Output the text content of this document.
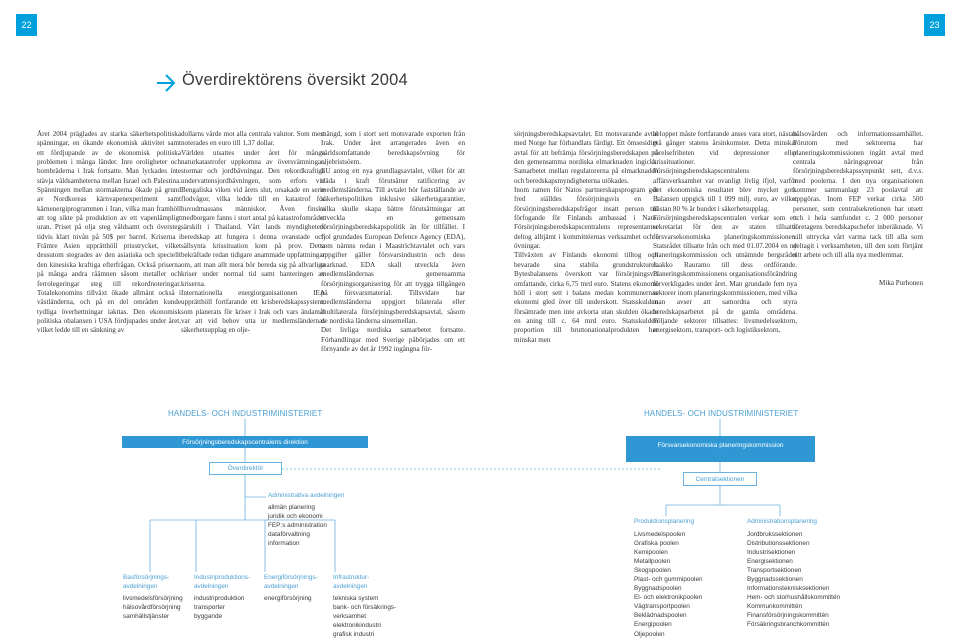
22	23
Överdirektörens översikt 2004

Året 2004 präglades av starka säkerhetspolitiska spänningar, en ökande ekonomisk aktivitet samt ett fördjupande av de ekonomisk politiska problemen i många länder. Inre oroligheter och bombräderna i Irak fortsatte. Man lyckades inte stävja våldsamheterna mellan Israel och Palestina. Spänningen mellan stormakterna ökade på grund av Nordkoreas kärnvapenexperiment samt kärnenergiprogrammen i Iran, vilka man framhöll att tog sikte på produktion av ett vapenlämpligt uran. Priset på olja steg våldsamt och översteg tidvis klart nivån på 50$ per barrel. Kriserna i Främre Asien upprätthöll prisstrycket, vilket dessutom stegrades av den asiatiska och speciellt den kinesiska kraftiga efterfrågan. Också priserna på många andra råämnen såsom metaller och ferrolegeringar steg till rekordnoteringar. Totalekonomins tillväxt ökade allmänt också i västländerna, och på en del områden kunde tydliga överhettningar iakttas. Den ekonomisk politiska obalansen i USA fördjupades under året, vilket ledde till en sänkning av

dollarns värde mot alla centrala valutor. Som mest noterades en euro till 1,37 dollar.

Världen utsattes under året för många naturkatastrofer uppkomna av översvämningar, stormar och jordbävningar. Den rekordkraftiga undervattensjordbävningen, som erfors vid Bengaliska viken vid årets slut, orsakade en serie flodvågor, vilka ledde till en katastrof för huvudmassans människor. Även finska medborgare fanns i stort antal på katastrofområdet särskilt i Thailand. Vårt lands myndigheters beredskap att fungera i denna ovanstade och sällsynta krissituation kom på prov. Detta bekräftade redan tidigare anammade uppfattningar om, att man allt mera bör bereda sig på allvarliga kriser under normal tid samt hanteringen av kriserna.

Internationella energiorganisationen IEA upprätthöll fortfarande ett krisberedskapssystem, som planerats för kriser i Irak och vars ändamål var att vid behov utta ur medlemsländernas säkerhetsupplag en olje-

mängd, som i stort sett motsvarade exporten från Irak. Under året arrangerades även en världsomfattande beredskapsövning för oljebristsöem.

EU antog ett nya grundlagsavtalet, vilket för att träda i kraft förutsätter ratificering av medlemsländerna. Till avtalet hör fastställande av säkerhetspolitiken inklusive säkerhetsgarantier, vilka skulle skapa bättre förutsättningar att utveckla en gemensam försörjningsberedskapspolitik än för tillfället. I fjol grundades European Defence Agency (EDA), som nämns redan i Maastrichtavtalet och vars uppgifter gäller försvarsindustrin och dess marknad. EDA skall utveckla även medlemsländernas gemensamma försörjningsorganisering för att trygga tillgången på försvarsmaterial. Tillsvidare har medlemsländerna uppgjort bilaterala eller multilaterala försörjningsberedskapsavtal, såsom de nordiska länderna sinsemellan.

Det livliga nordiska samarbetet fortsatte. Förhandlingar med Sverige påbörjades om ett förnyande av det år 1992 ingångna för-

sörjningsberedskapsavtalet. Ett motsvarande avtal med Norge har förhandlats färdigt. Ett ömsesidigt avtal för att befrämja försörjningsberedskapen på den gemensamma nordiska elmarknaden ingicks. Samarbetet mellan regulatorerna på elmarknaden och beredskapsmyndigheterna utökades.

Inom ramen för Natos partnerskapsprogram gör fred ställdes försörjningsvis en i försörjningsberedskapsfrågor insatt person till förfogande för Finlands ambassad i Nato. Försörjningsberedskapscentralens representanter deltog alltjämt i kommittéernas verksamhet och i övningar.

Tillväxten av Finlands ekonomi tilltog och bevarade sina stabila grundstrukturer. Bytesbalansens överskott var försörjningsvis omfattande, cirka 6,75 mrd euro. Statens ekonomi höll i stort sett i balans medan kommunernas ekonomi gled över till underskott. Statsskulden försämrade men inte avkorta utan skulden ökade en aning till c. 64 mrd euro. Statsskulden proportion till bruttonationalprodukten har minskat men

beloppet måste fortfarande anses vara stort, nästan två gånger statens årsinkomster. Detta minskar rörelsefriheten vid depressioner eller krissituationer.

Försörjningsberedskapscentralens affärsverksamhet var ovanligt livlig ifjol, varför det ekonomiska resultatet blev mycket gott. Balansen uppgick till 1 099 milj. euro, av vilket nästan 80 % är bundet i säkerhetsupplag.

Försörjningsberedskapscentralen verkar som ett sekretariat för den av staten tillsatta försvarsekonomiska planeringskommissionen. Statsrådet tillsatte från och med 01.07.2004 en ny planeringskommission och utnämnde bergsrådet Jaakko Rauramo till dess ordförande. Planeringskommissionens organisationsförändring förverkligades under året. Man grundade fem nya sektorer inom planeringskommissionen, med vilka man avser att samordna och styra beredskapsarbetet på de gamla områdena. Följande sektorer tillsattes: livsmedelssektorn, energisektorn, transport- och logistiksektorn,

hälsovården och informationssamhället. Förutom med sektorerna har planeringskommissionen ingått avtal med centrala näringsgrenar från försörjningsberedskapssynpunkt sett, d.v.s. med poolerna. I den nya organisationen kommer sammanlagt 23 poolavtal att uppgöras. Inom FEP verkar cirka 500 personer, som centralsekretionen har utsett och i hela samfundet c. 2 000 personer företagens beredskapschefer inberäknade. Vi vill uttrycka vårt varma tack till alla som deltagit i verksamheten, till den som förtjänt sitt arbete och till alla nya medlemmar.

Mika Purhonen

HANDELS- OCH INDUSTRIMINISTERIET	HANDELS- OCH INDUSTRIMINISTERIET
Försörjningsberedskapscentralens direktion
Överdirektör
Försvarsekonomiska planeringskommission
Centralsektionen
Administrativa avdelningen
allmän planering
juridik och ekonomi
FEP:s administration
dataförvaltning
information
Basförsörjnings- avdelningen
livsmedelsförsörjning
hälsovårdförsörjning
samhällstjänster
Industriproduktions- avdelningen
industriproduktion
transporter
byggande
Energiförsörjnings- avdelningen
energiförsörjning
Infrastruktur- avdelningen
tekniska system
bank- och försäkrings- verksamhet
elektronikindustri
grafisk industri
Produktionsplanering
Livsmedelspoolen
Grafiska poolen
Kemipoolen
Metallpoolen
Skogspoolen
Plast- och gummipoolen
Byggnadspoolen
El- och elektronikpoolen
Vägtransportpoolen
Beklädnadspoolen
Energipoolen
Oljepoolen
Administrationsplanering
Jordbrukssektionen
Distributionssektionen
Industrisektionen
Energisektionen
Transportsektionen
Byggnadssektionen
Informationsteknisksektionen
Hem- och storhushållskommittén
Kommunkommittén
Finansförsörjningskommittén
Försäkringsbranchkommittén
